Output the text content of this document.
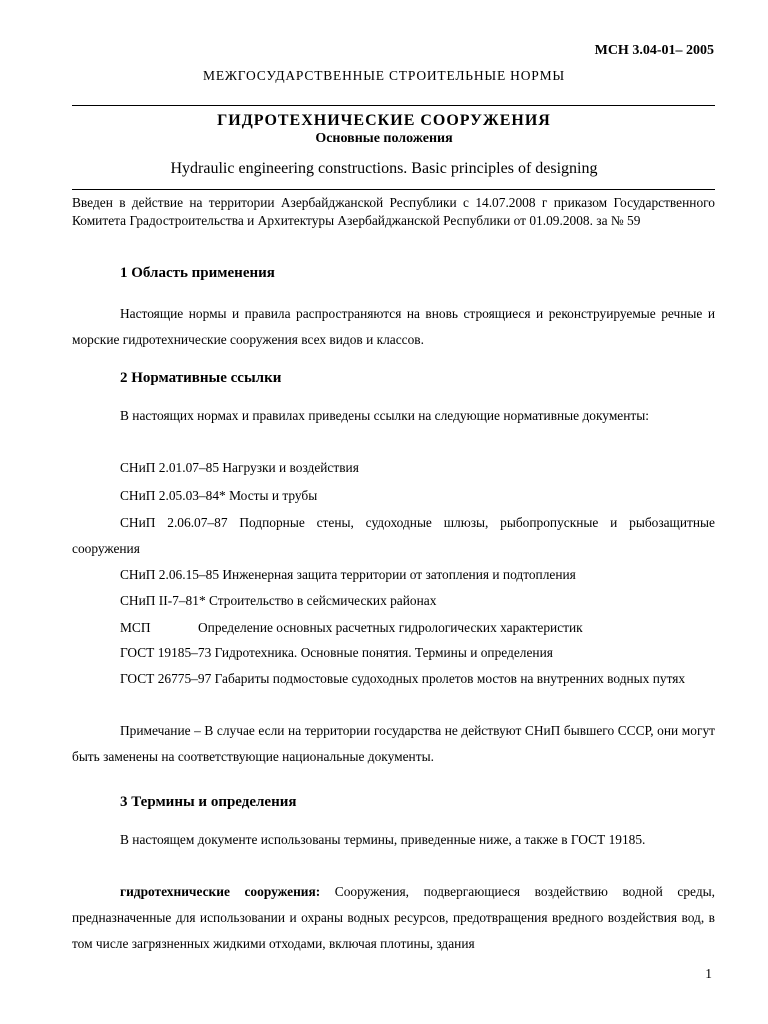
МСН 3.04-01– 2005
МЕЖГОСУДАРСТВЕННЫЕ СТРОИТЕЛЬНЫЕ НОРМЫ
ГИДРОТЕХНИЧЕСКИЕ СООРУЖЕНИЯ
Основные положения
Hydraulic engineering constructions. Basic principles of designing
Введен в действие на территории Азербайджанской Республики с 14.07.2008 г приказом Государственного Комитета Градостроительства и Архитектуры Азербайджанской Республики от 01.09.2008. за № 59
1 Область применения
Настоящие нормы и правила распространяются на вновь строящиеся и реконструируемые речные и морские гидротехнические сооружения всех видов и классов.
2 Нормативные ссылки
В настоящих нормах и правилах приведены ссылки на следующие нормативные документы:
СНиП 2.01.07–85 Нагрузки и воздействия
СНиП 2.05.03–84* Мосты и трубы
СНиП 2.06.07–87 Подпорные стены, судоходные шлюзы, рыбопропускные и рыбозащитные сооружения
СНиП 2.06.15–85 Инженерная защита территории от затопления и подтопления
СНиП II-7–81* Строительство в сейсмических районах
МСП	Определение основных расчетных гидрологических характеристик
ГОСТ 19185–73 Гидротехника. Основные понятия. Термины и определения
ГОСТ 26775–97 Габариты подмостовые судоходных пролетов мостов на внутренних водных путях
Примечание – В случае если на территории государства не действуют СНиП бывшего СССР, они могут быть заменены на соответствующие национальные документы.
3 Термины и определения
В настоящем документе использованы термины, приведенные ниже, а также в ГОСТ 19185.
гидротехнические сооружения: Сооружения, подвергающиеся воздействию водной среды, предназначенные для использовании и охраны водных ресурсов, предотвращения вредного воздействия вод, в том числе загрязненных жидкими отходами, включая плотины, здания
1
